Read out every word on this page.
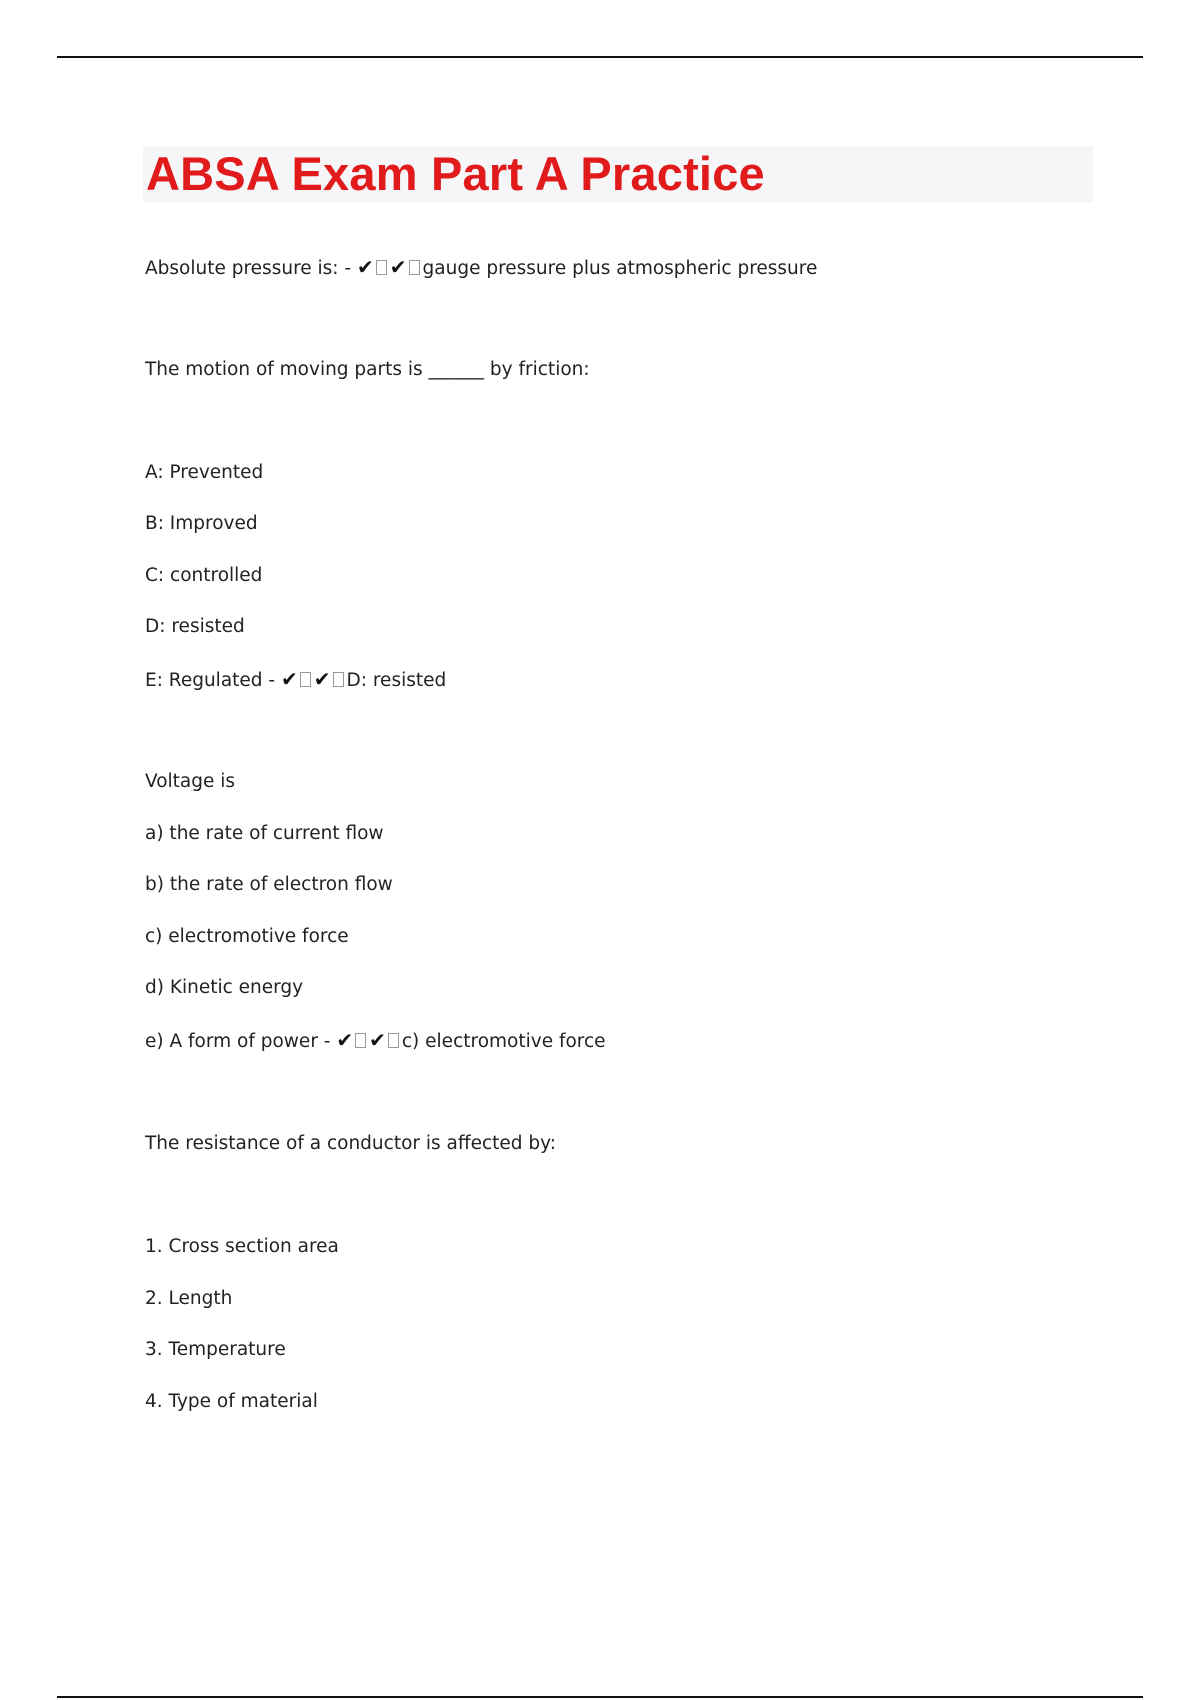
ABSA Exam Part A Practice

Absolute pressure is: - ✔ ✔ gauge pressure plus atmospheric pressure

The motion of moving parts is ______ by friction:

A: Prevented

B: Improved

C: controlled

D: resisted

E: Regulated - ✔ ✔ D: resisted

Voltage is

a) the rate of current flow

b) the rate of electron flow

c) electromotive force

d) Kinetic energy

e) A form of power - ✔ ✔ c) electromotive force

The resistance of a conductor is affected by:

1. Cross section area

2. Length

3. Temperature

4. Type of material
